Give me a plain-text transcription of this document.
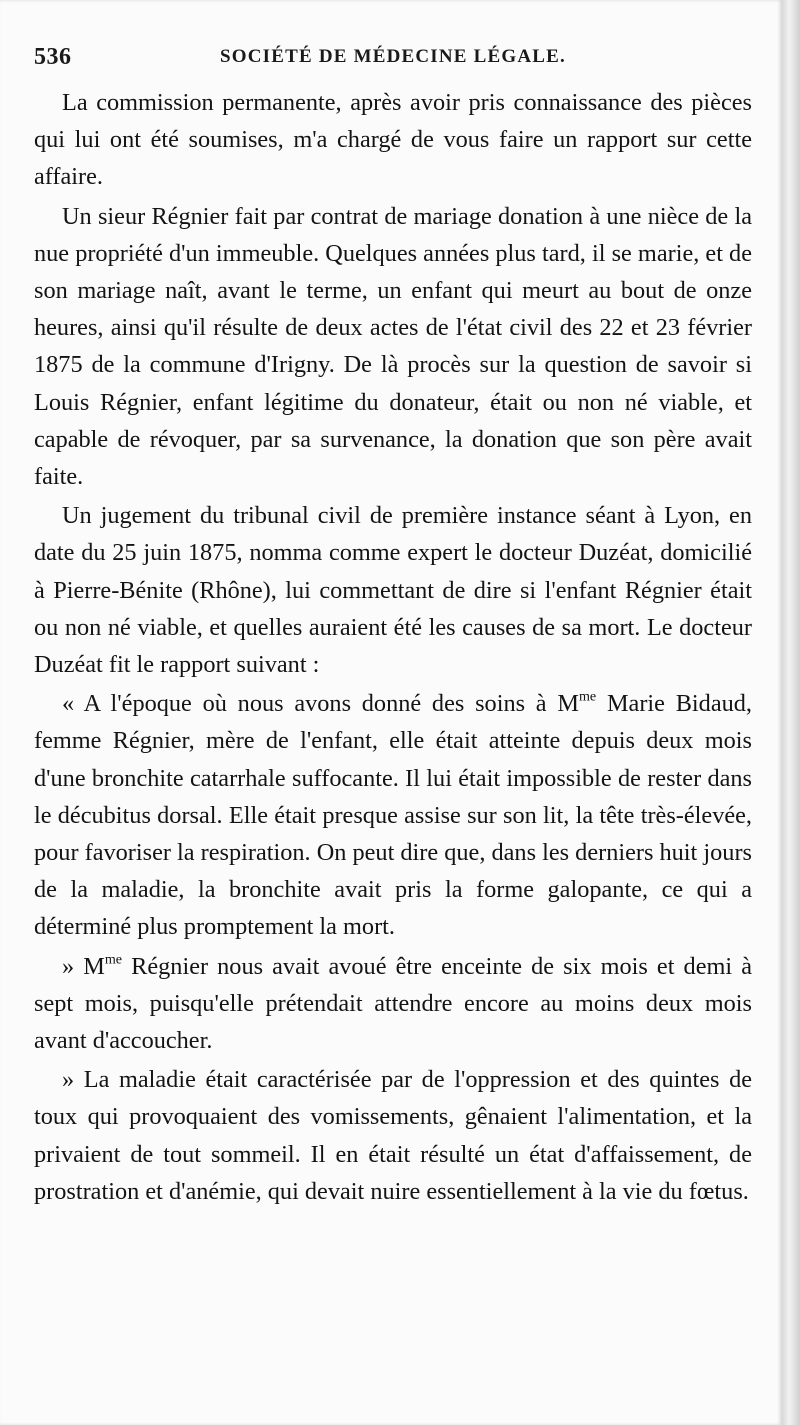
536	SOCIÉTÉ DE MÉDECINE LÉGALE.

La commission permanente, après avoir pris connaissance des pièces qui lui ont été soumises, m'a chargé de vous faire un rapport sur cette affaire.

Un sieur Régnier fait par contrat de mariage donation à une nièce de la nue propriété d'un immeuble. Quelques années plus tard, il se marie, et de son mariage naît, avant le terme, un enfant qui meurt au bout de onze heures, ainsi qu'il résulte de deux actes de l'état civil des 22 et 23 février 1875 de la commune d'Irigny. De là procès sur la question de savoir si Louis Régnier, enfant légitime du donateur, était ou non né viable, et capable de révoquer, par sa survenance, la donation que son père avait faite.

Un jugement du tribunal civil de première instance séant à Lyon, en date du 25 juin 1875, nomma comme expert le docteur Duzéat, domicilié à Pierre-Bénite (Rhône), lui commettant de dire si l'enfant Régnier était ou non né viable, et quelles auraient été les causes de sa mort. Le docteur Duzéat fit le rapport suivant :

« A l'époque où nous avons donné des soins à $M^{me}$ Marie Bidaud, femme Régnier, mère de l'enfant, elle était atteinte depuis deux mois d'une bronchite catarrhale suffocante. Il lui était impossible de rester dans le décubitus dorsal. Elle était presque assise sur son lit, la tête très-élevée, pour favoriser la respiration. On peut dire que, dans les derniers huit jours de la maladie, la bronchite avait pris la forme galopante, ce qui a déterminé plus promptement la mort.

» $M^{me}$ Régnier nous avait avoué être enceinte de six mois et demi à sept mois, puisqu'elle prétendait attendre encore au moins deux mois avant d'accoucher.

» La maladie était caractérisée par de l'oppression et des quintes de toux qui provoquaient des vomissements, gênaient l'alimentation, et la privaient de tout sommeil. Il en était résulté un état d'affaissement, de prostration et d'anémie, qui devait nuire essentiellement à la vie du fœtus.
